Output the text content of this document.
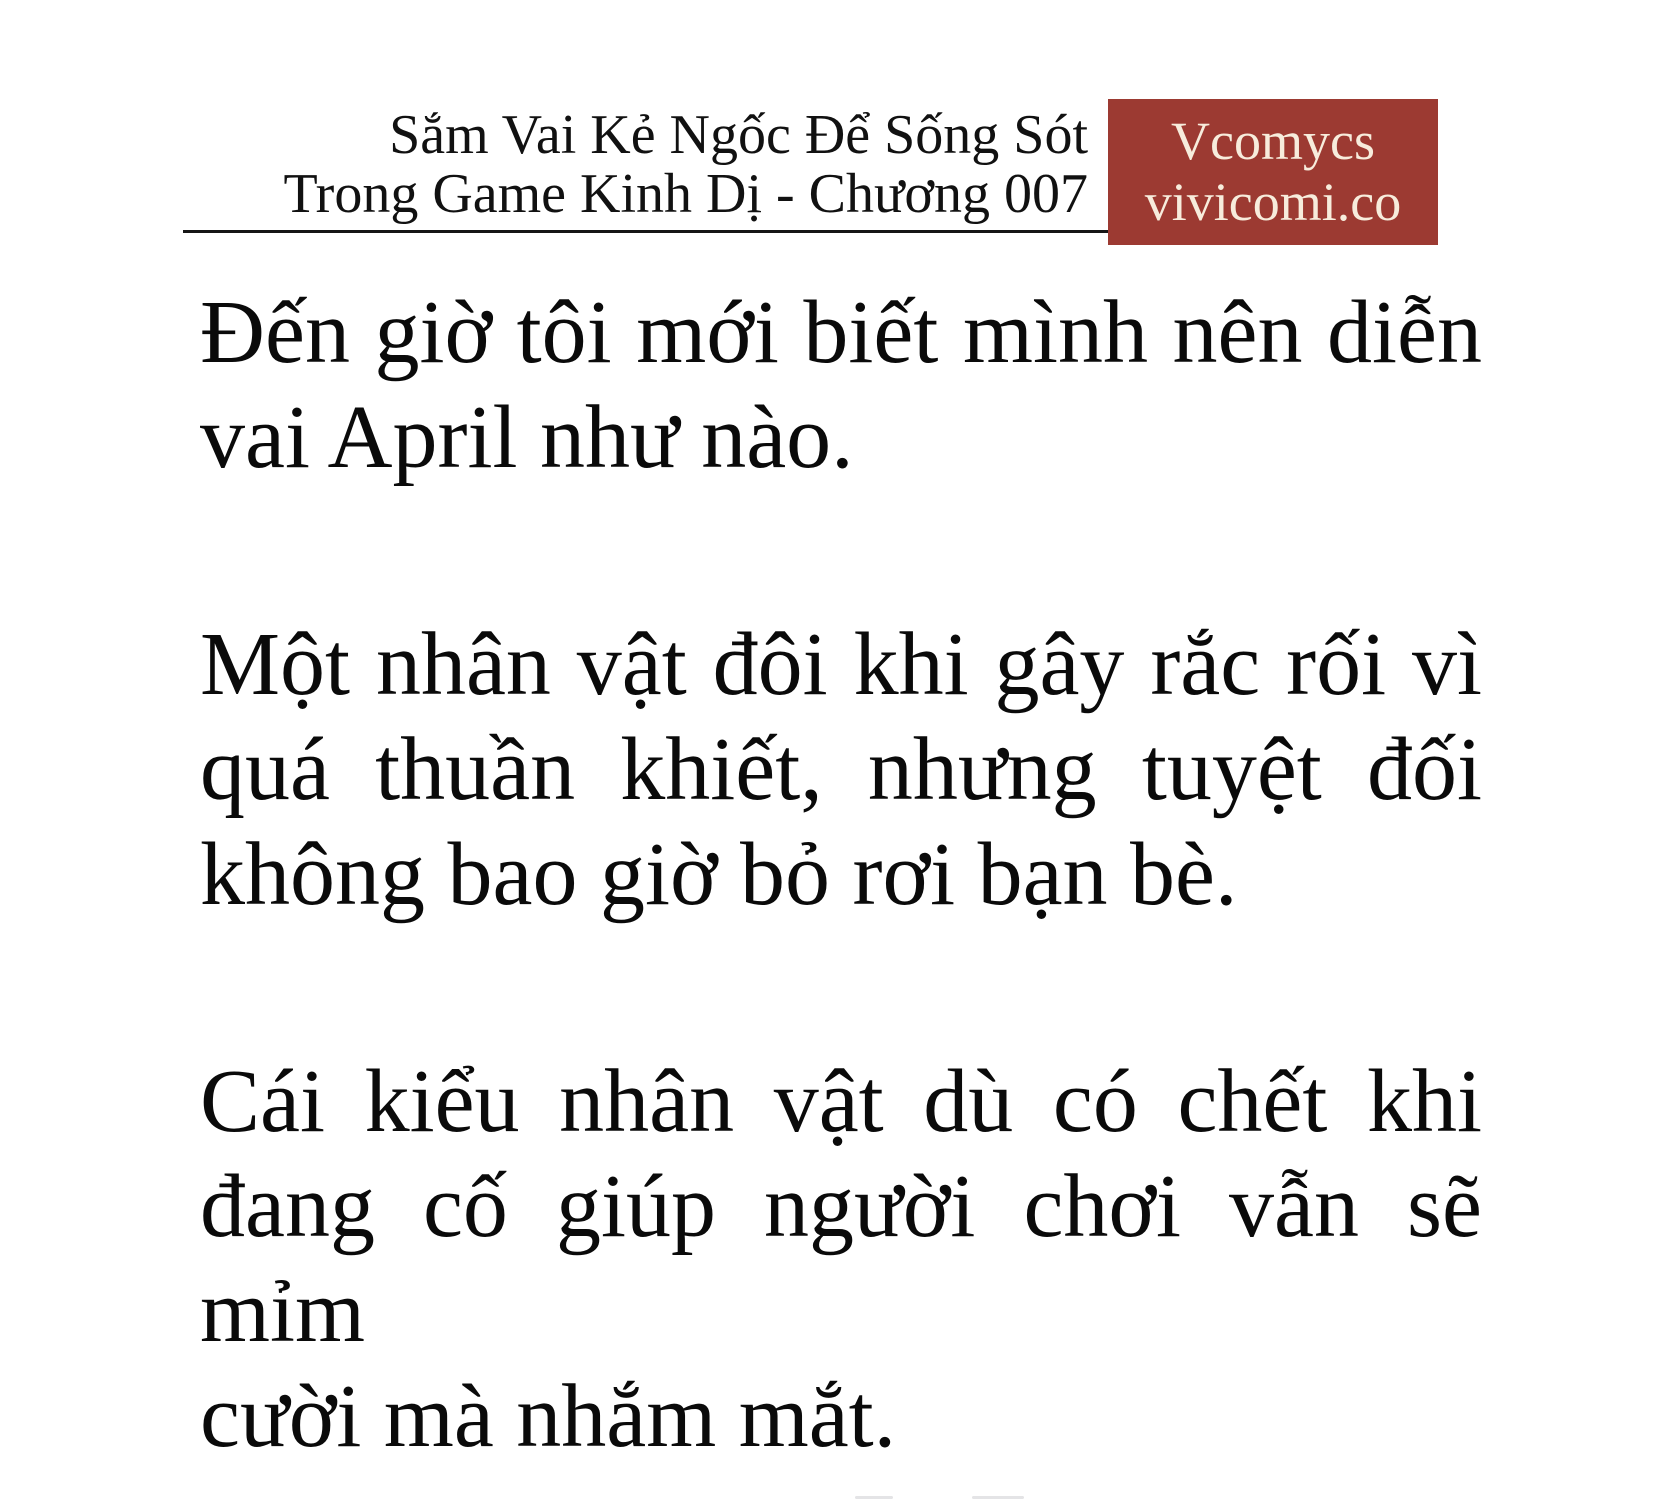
Sắm Vai Kẻ Ngốc Để Sống Sót
Trong Game Kinh Dị - Chương 007
Vcomycs
vivicomi.co
Đến giờ tôi mới biết mình nên diễn
vai April như nào.
Một nhân vật đôi khi gây rắc rối vì
quá thuần khiết, nhưng tuyệt đối
không bao giờ bỏ rơi bạn bè.
Cái kiểu nhân vật dù có chết khi
đang cố giúp người chơi vẫn sẽ mỉm
cười mà nhắm mắt.
